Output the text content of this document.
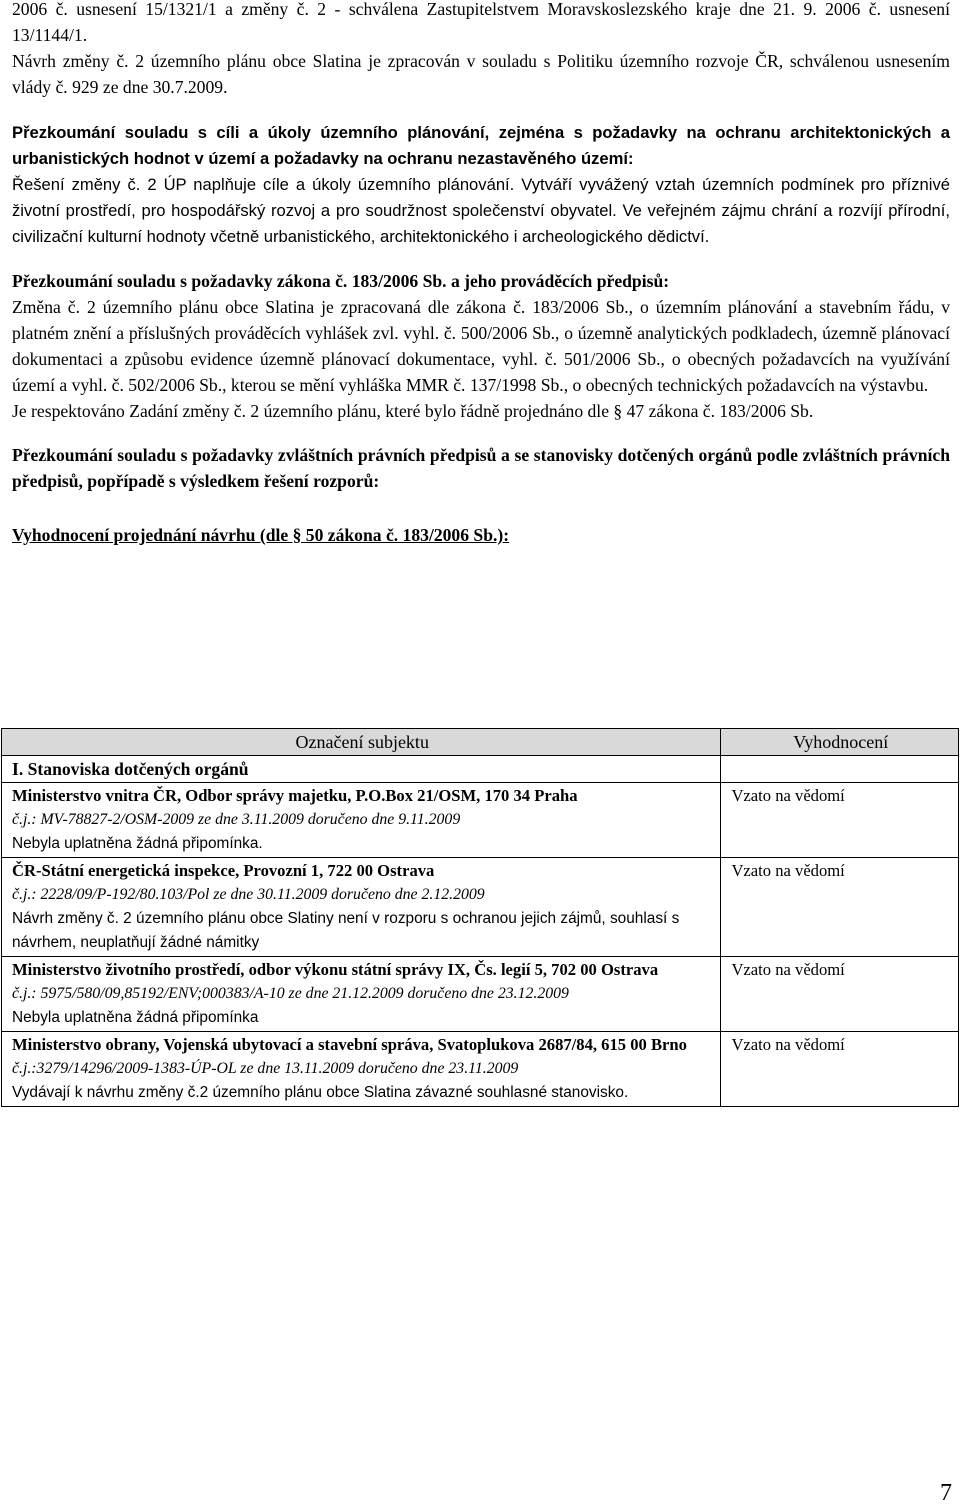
2006 č. usnesení 15/1321/1 a změny č. 2 - schválena Zastupitelstvem Moravskoslezského kraje dne 21. 9. 2006 č. usnesení 13/1144/1.

Návrh změny č. 2 územního plánu obce Slatina je zpracován v souladu s Politiku územního rozvoje ČR, schválenou usnesením vlády č. 929 ze dne 30.7.2009.

Přezkoumání souladu s cíli a úkoly územního plánování, zejména s požadavky na ochranu architektonických a urbanistických hodnot v území a požadavky na ochranu nezastavěného území:

Řešení změny č. 2 ÚP naplňuje cíle a úkoly územního plánování. Vytváří vyvážený vztah územních podmínek pro příznivé životní prostředí, pro hospodářský rozvoj a pro soudržnost společenství obyvatel. Ve veřejném zájmu chrání a rozvíjí přírodní, civilizační kulturní hodnoty včetně urbanistického, architektonického i archeologického dědictví.

Přezkoumání souladu s požadavky zákona č. 183/2006 Sb. a jeho prováděcích předpisů:

Změna č. 2 územního plánu obce Slatina je zpracovaná dle zákona č. 183/2006 Sb., o územním plánování a stavebním řádu, v platném znění a příslušných prováděcích vyhlášek zvl. vyhl. č. 500/2006 Sb., o územně analytických podkladech, územně plánovací dokumentaci a způsobu evidence územně plánovací dokumentace, vyhl. č. 501/2006 Sb., o obecných požadavcích na využívání území a vyhl. č. 502/2006 Sb., kterou se mění vyhláška MMR č. 137/1998 Sb., o obecných technických požadavcích na výstavbu.

Je respektováno Zadání změny č. 2 územního plánu, které bylo řádně projednáno dle § 47 zákona č. 183/2006 Sb.

Přezkoumání souladu s požadavky zvláštních právních předpisů a se stanovisky dotčených orgánů podle zvláštních právních předpisů, popřípadě s výsledkem řešení rozporů:

Vyhodnocení projednání návrhu (dle § 50 zákona č. 183/2006 Sb.):

Označení subjektu	Vyhodnocení
I. Stanoviska dotčených orgánů	

Ministerstvo vnitra ČR, Odbor správy majetku, P.O.Box 21/OSM, 170 34 Praha
č.j.: MV-78827-2/OSM-2009 ze dne 3.11.2009 doručeno dne 9.11.2009
Nebyla uplatněna žádná připomínka.	Vzato na vědomí

ČR-Státní energetická inspekce, Provozní 1, 722 00 Ostrava
č.j.: 2228/09/P-192/80.103/Pol ze dne 30.11.2009 doručeno dne 2.12.2009
Návrh změny č. 2 územního plánu obce Slatiny není v rozporu s ochranou jejich zájmů, souhlasí s návrhem, neuplatňují žádné námitky	Vzato na vědomí

Ministerstvo životního prostředí, odbor výkonu státní správy IX, Čs. legií 5, 702 00 Ostrava
č.j.: 5975/580/09,85192/ENV;000383/A-10 ze dne 21.12.2009 doručeno dne 23.12.2009
Nebyla uplatněna žádná připomínka	Vzato na vědomí

Ministerstvo obrany, Vojenská ubytovací a stavební správa, Svatoplukova 2687/84, 615 00 Brno
č.j.:3279/14296/2009-1383-ÚP-OL ze dne 13.11.2009 doručeno dne 23.11.2009
Vydávají k návrhu změny č.2 územního plánu obce Slatina závazné souhlasné stanovisko.	Vzato na vědomí
7
